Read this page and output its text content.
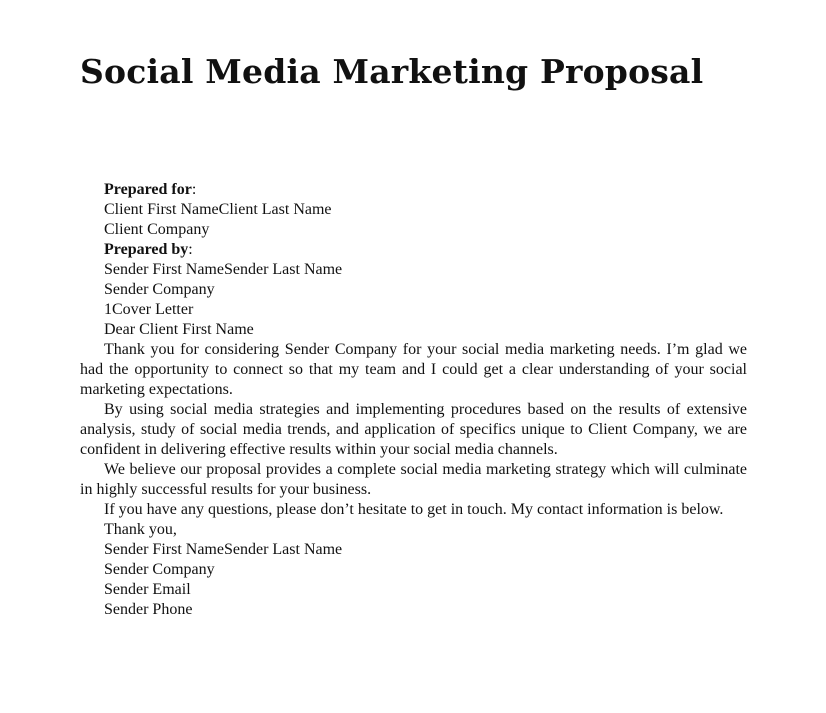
Social Media Marketing Proposal

Prepared for:

Client First NameClient Last Name

Client Company

Prepared by:

Sender First NameSender Last Name

Sender Company

1Cover Letter

Dear Client First Name

Thank you for considering Sender Company for your social media marketing needs. I’m glad we had the opportunity to connect so that my team and I could get a clear understanding of your social marketing expectations.

By using social media strategies and implementing procedures based on the results of extensive analysis, study of social media trends, and application of specifics unique to Client Company, we are confident in delivering effective results within your social media channels.

We believe our proposal provides a complete social media marketing strategy which will culminate in highly successful results for your business.

If you have any questions, please don’t hesitate to get in touch. My contact information is below.

Thank you,

Sender First NameSender Last Name

Sender Company

Sender Email

Sender Phone
